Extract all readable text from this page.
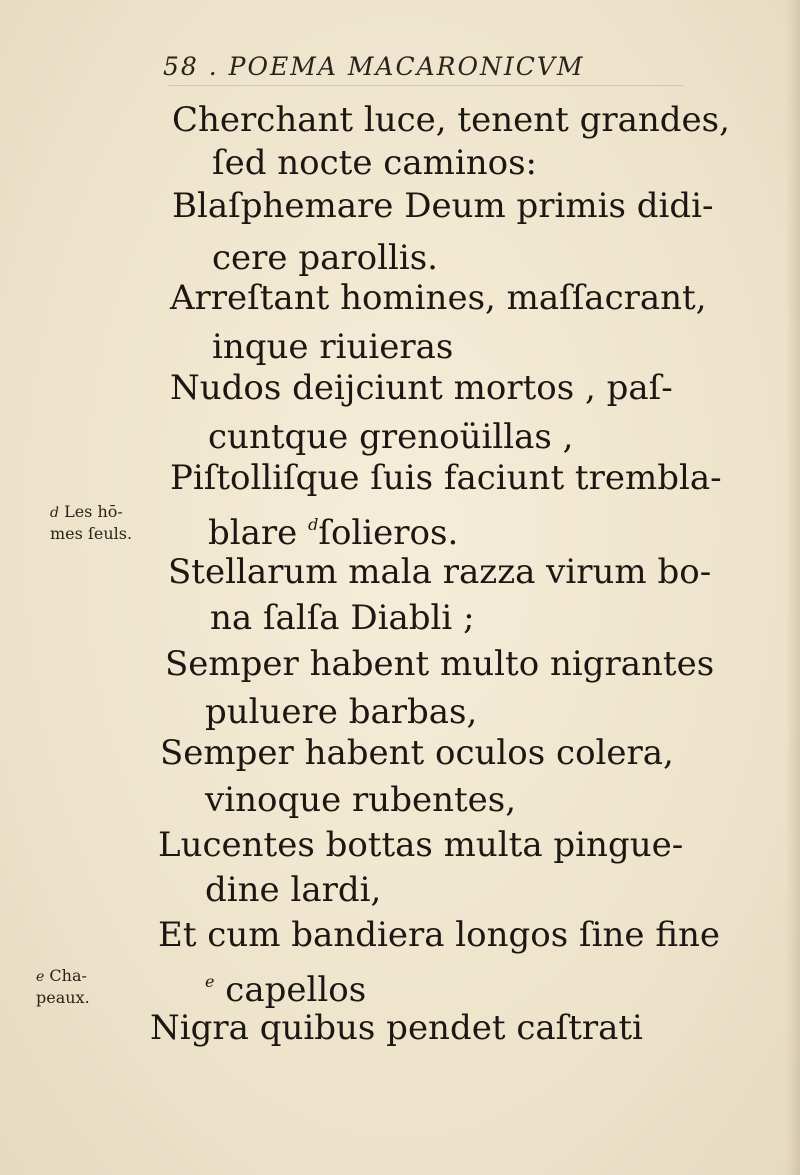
58 . POEMA MACARONICVM
Cherchant luce, tenent grandes,
ſed nocte caminos:
Blaſphemare Deum primis didi-
cere parollis.
Arreſtant homines, maſſacrant,
inque riuieras
Nudos deijciunt mortos , paſ-
cuntque grenoüillas ,
Piſtolliſque ſuis faciunt trembla-
blare $^d$ſolieros.
Stellarum mala razza virum bo-
na ſalſa Diabli ;
Semper habent multo nigrantes
puluere barbas,
Semper habent oculos colera,
vinoque rubentes,
Lucentes bottas multa pingue-
dine lardi,
Et cum bandiera longos ſine fine
$^e$ capellos
Nigra quibus pendet caſtrati
d Les hō-
mes ſeuls.
e Cha-
peaux.
